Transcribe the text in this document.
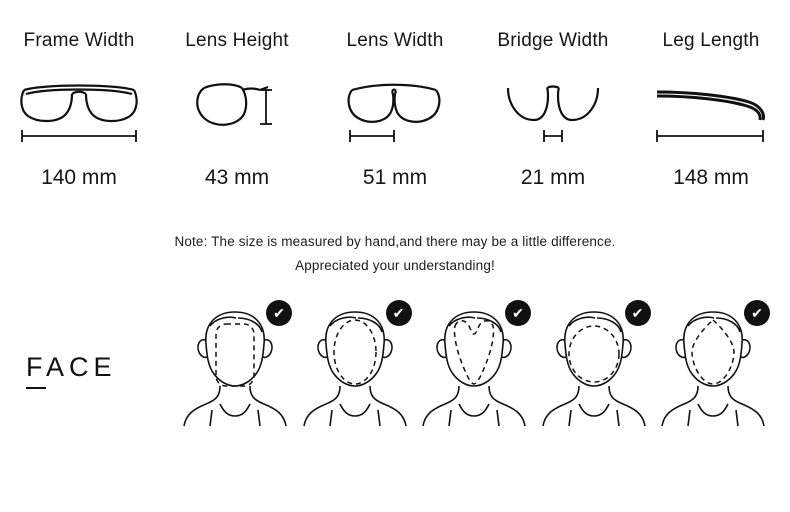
Frame Width
140 mm
Lens Height
43 mm
Lens Width
51 mm
Bridge Width
21 mm
Leg Length
148 mm
Note: The size is measured by hand,and there may be a little difference.
Appreciated your understanding!
FACE
✔	✔	✔	✔	✔
